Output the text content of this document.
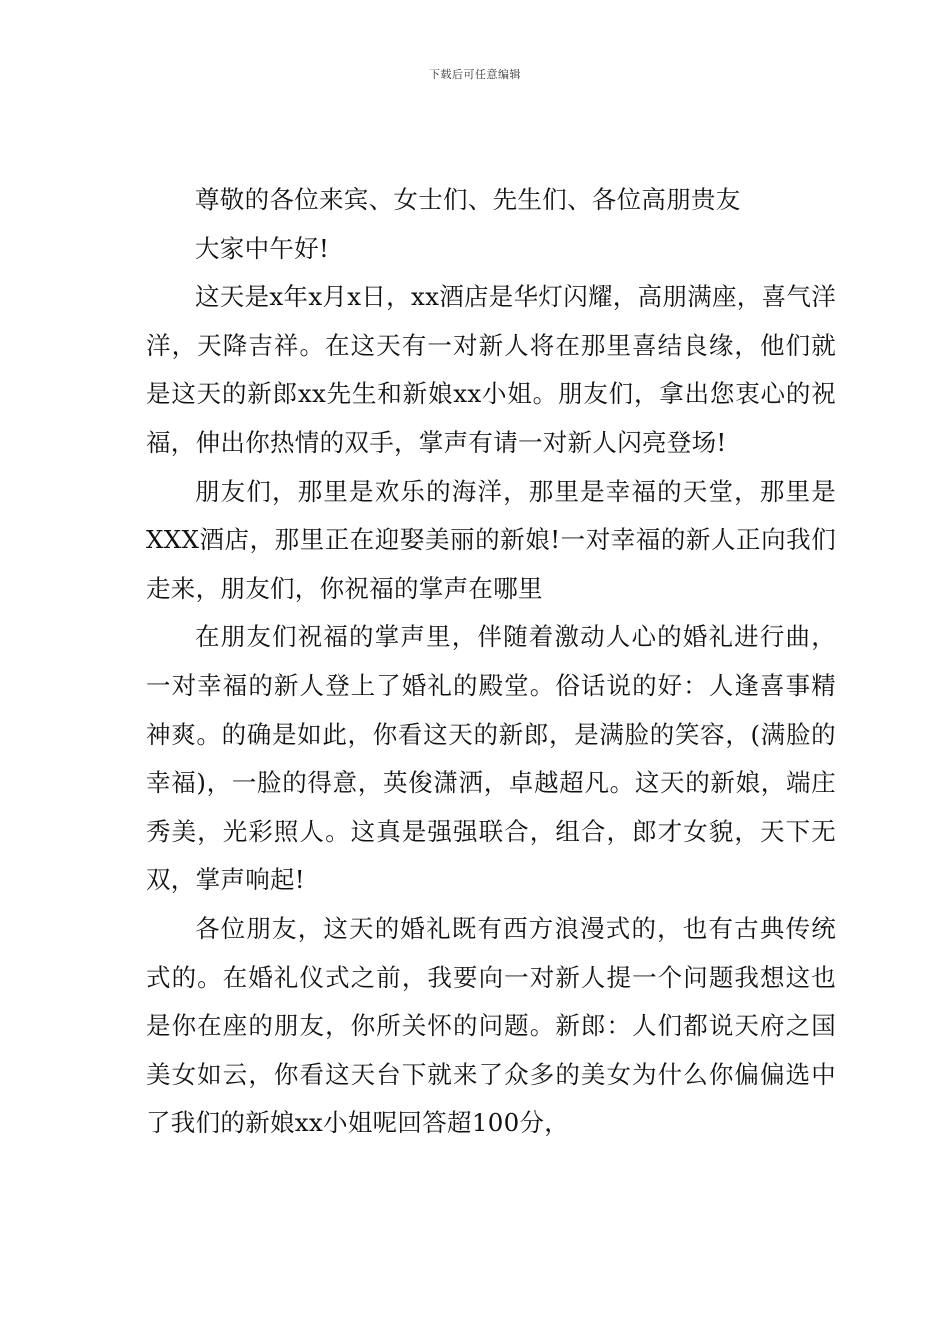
下载后可任意编辑

尊敬的各位来宾、女士们、先生们、各位高朋贵友

大家中午好!

这天是x年x月x日，xx酒店是华灯闪耀，高朋满座，喜气洋洋，天降吉祥。在这天有一对新人将在那里喜结良缘，他们就是这天的新郎xx先生和新娘xx小姐。朋友们，拿出您衷心的祝福，伸出你热情的双手，掌声有请一对新人闪亮登场!

朋友们，那里是欢乐的海洋，那里是幸福的天堂，那里是XXX酒店，那里正在迎娶美丽的新娘!一对幸福的新人正向我们走来，朋友们，你祝福的掌声在哪里

在朋友们祝福的掌声里，伴随着激动人心的婚礼进行曲，一对幸福的新人登上了婚礼的殿堂。俗话说的好：人逢喜事精神爽。的确是如此，你看这天的新郎，是满脸的笑容，(满脸的幸福)，一脸的得意，英俊潇洒，卓越超凡。这天的新娘，端庄秀美，光彩照人。这真是强强联合，组合，郎才女貌，天下无双，掌声响起!

各位朋友，这天的婚礼既有西方浪漫式的，也有古典传统式的。在婚礼仪式之前，我要向一对新人提一个问题我想这也是你在座的朋友，你所关怀的问题。新郎：人们都说天府之国美女如云，你看这天台下就来了众多的美女为什么你偏偏选中了我们的新娘xx小姐呢回答超100分，
